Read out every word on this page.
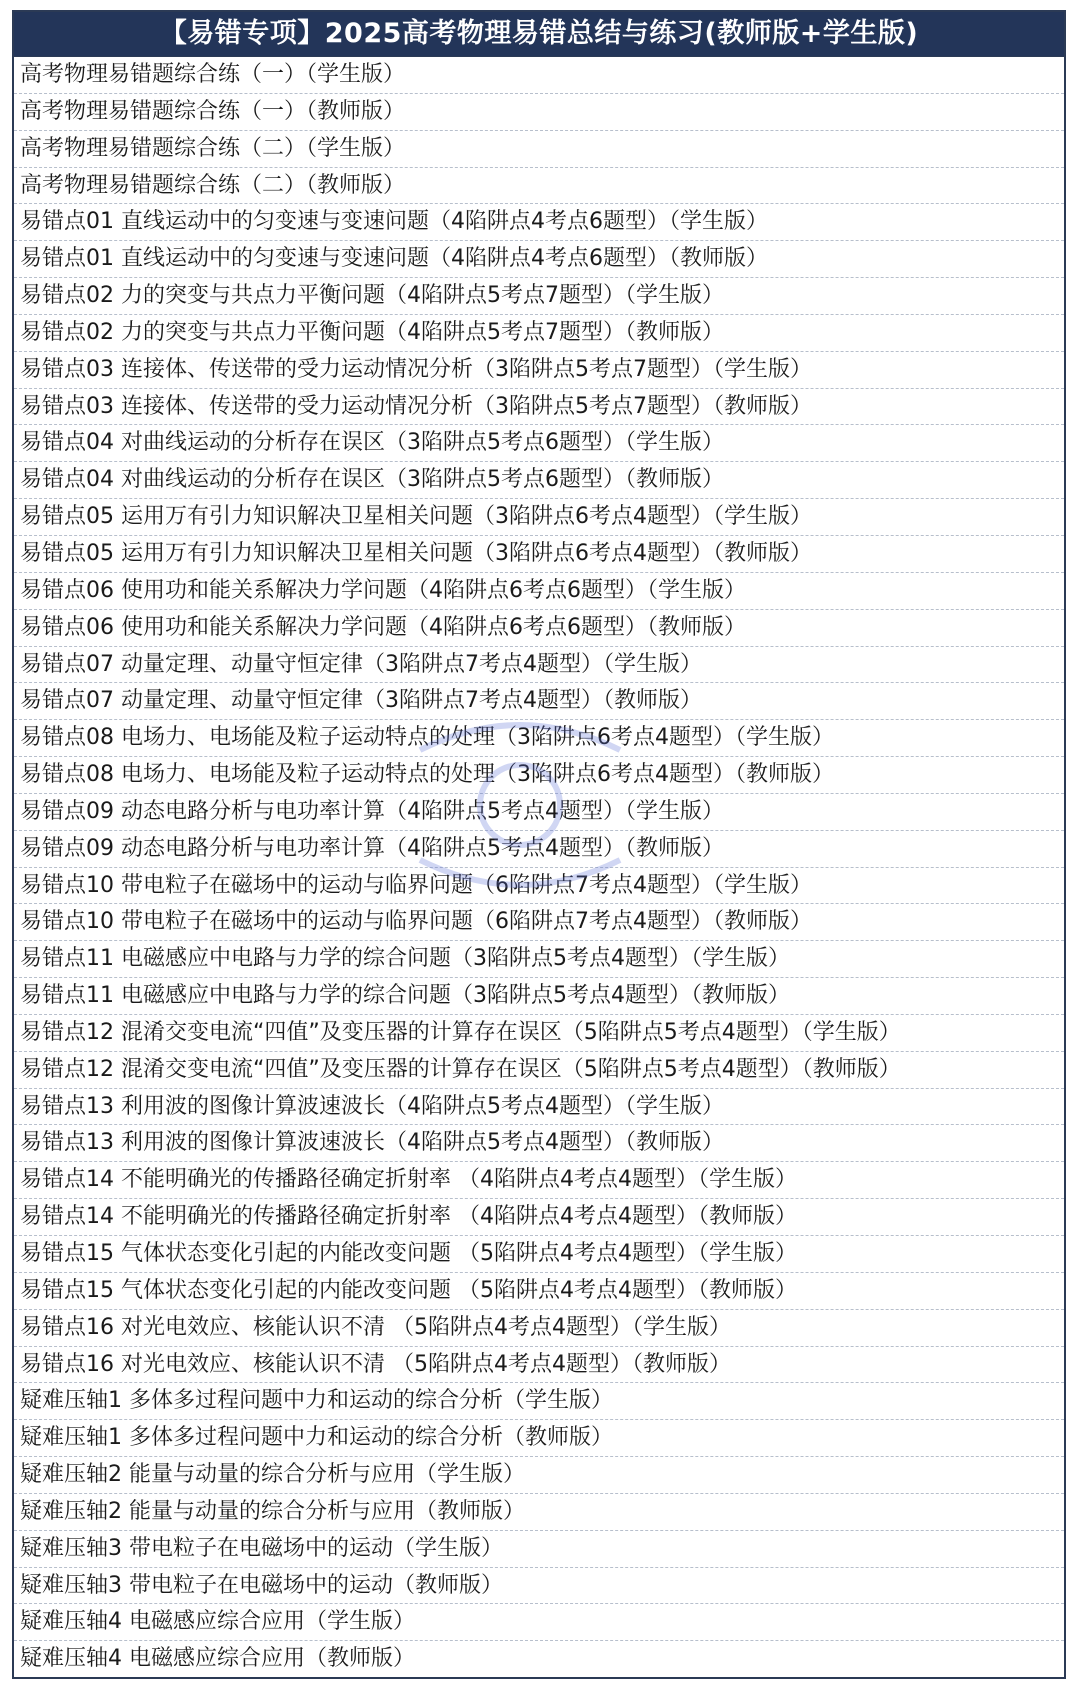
【易错专项】2025高考物理易错总结与练习(教师版+学生版)
高考物理易错题综合练（一）（学生版）
高考物理易错题综合练（一）（教师版）
高考物理易错题综合练（二）（学生版）
高考物理易错题综合练（二）（教师版）
易错点01 直线运动中的匀变速与变速问题（4陷阱点4考点6题型）（学生版）
易错点01 直线运动中的匀变速与变速问题（4陷阱点4考点6题型）（教师版）
易错点02 力的突变与共点力平衡问题（4陷阱点5考点7题型）（学生版）
易错点02 力的突变与共点力平衡问题（4陷阱点5考点7题型）（教师版）
易错点03 连接体、传送带的受力运动情况分析（3陷阱点5考点7题型）（学生版）
易错点03 连接体、传送带的受力运动情况分析（3陷阱点5考点7题型）（教师版）
易错点04 对曲线运动的分析存在误区（3陷阱点5考点6题型）（学生版）
易错点04 对曲线运动的分析存在误区（3陷阱点5考点6题型）（教师版）
易错点05 运用万有引力知识解决卫星相关问题（3陷阱点6考点4题型）（学生版）
易错点05 运用万有引力知识解决卫星相关问题（3陷阱点6考点4题型）（教师版）
易错点06 使用功和能关系解决力学问题（4陷阱点6考点6题型）（学生版）
易错点06 使用功和能关系解决力学问题（4陷阱点6考点6题型）（教师版）
易错点07 动量定理、动量守恒定律（3陷阱点7考点4题型）（学生版）
易错点07 动量定理、动量守恒定律（3陷阱点7考点4题型）（教师版）
易错点08 电场力、电场能及粒子运动特点的处理（3陷阱点6考点4题型）（学生版）
易错点08 电场力、电场能及粒子运动特点的处理（3陷阱点6考点4题型）（教师版）
易错点09 动态电路分析与电功率计算（4陷阱点5考点4题型）（学生版）
易错点09 动态电路分析与电功率计算（4陷阱点5考点4题型）（教师版）
易错点10 带电粒子在磁场中的运动与临界问题（6陷阱点7考点4题型）（学生版）
易错点10 带电粒子在磁场中的运动与临界问题（6陷阱点7考点4题型）（教师版）
易错点11 电磁感应中电路与力学的综合问题（3陷阱点5考点4题型）（学生版）
易错点11 电磁感应中电路与力学的综合问题（3陷阱点5考点4题型）（教师版）
易错点12 混淆交变电流“四值”及变压器的计算存在误区（5陷阱点5考点4题型）（学生版）
易错点12 混淆交变电流“四值”及变压器的计算存在误区（5陷阱点5考点4题型）（教师版）
易错点13 利用波的图像计算波速波长（4陷阱点5考点4题型）（学生版）
易错点13 利用波的图像计算波速波长（4陷阱点5考点4题型）（教师版）
易错点14 不能明确光的传播路径确定折射率 （4陷阱点4考点4题型）（学生版）
易错点14 不能明确光的传播路径确定折射率 （4陷阱点4考点4题型）（教师版）
易错点15 气体状态变化引起的内能改变问题 （5陷阱点4考点4题型）（学生版）
易错点15 气体状态变化引起的内能改变问题 （5陷阱点4考点4题型）（教师版）
易错点16 对光电效应、核能认识不清 （5陷阱点4考点4题型）（学生版）
易错点16 对光电效应、核能认识不清 （5陷阱点4考点4题型）（教师版）
疑难压轴1 多体多过程问题中力和运动的综合分析（学生版）
疑难压轴1 多体多过程问题中力和运动的综合分析（教师版）
疑难压轴2 能量与动量的综合分析与应用（学生版）
疑难压轴2 能量与动量的综合分析与应用（教师版）
疑难压轴3 带电粒子在电磁场中的运动（学生版）
疑难压轴3 带电粒子在电磁场中的运动（教师版）
疑难压轴4 电磁感应综合应用（学生版）
疑难压轴4 电磁感应综合应用（教师版）
